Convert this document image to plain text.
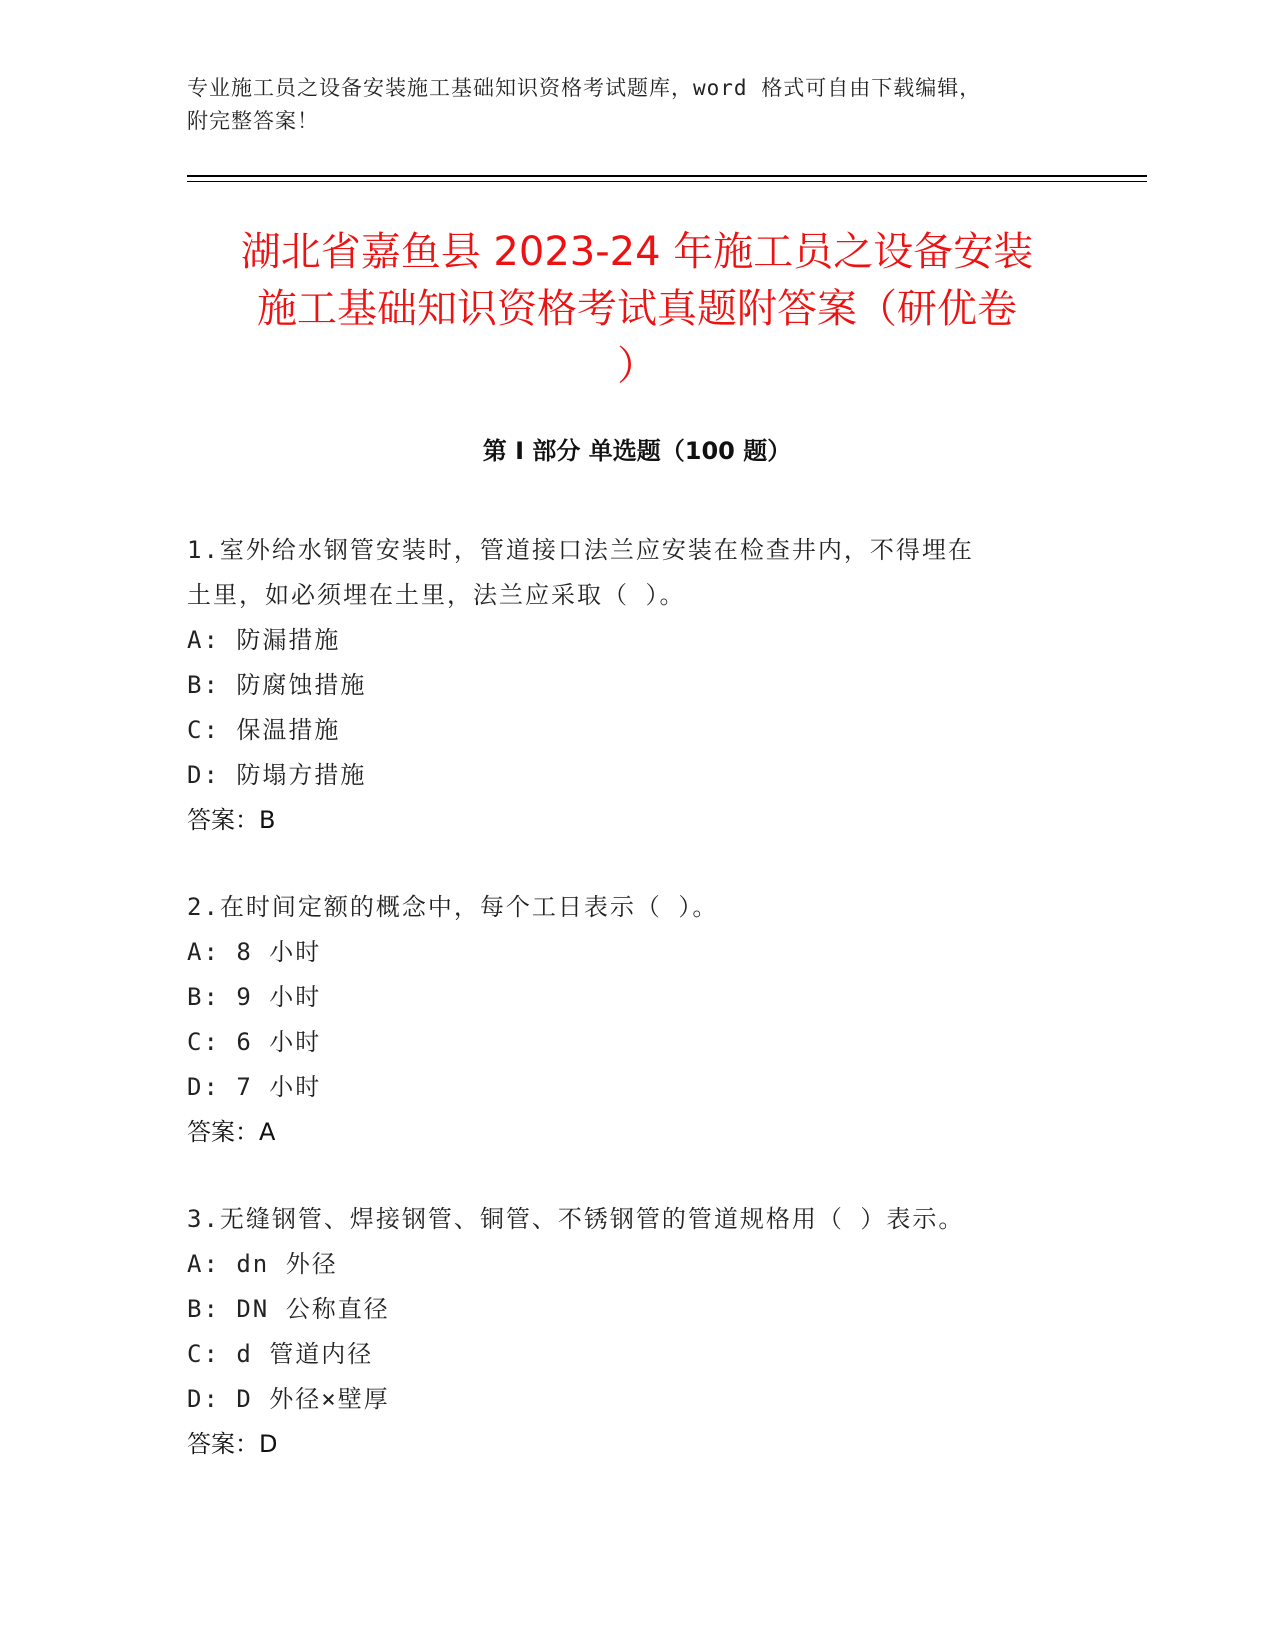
专业施工员之设备安装施工基础知识资格考试题库，word 格式可自由下载编辑，
附完整答案！
湖北省嘉鱼县 2023-24 年施工员之设备安装
施工基础知识资格考试真题附答案（研优卷
）
第 I 部分 单选题（100 题）
1.室外给水钢管安装时，管道接口法兰应安装在检查井内，不得埋在
土里，如必须埋在土里，法兰应采取（ ）。
A: 防漏措施
B: 防腐蚀措施
C: 保温措施
D: 防塌方措施
答案：B
2.在时间定额的概念中，每个工日表示（ ）。
A: 8 小时
B: 9 小时
C: 6 小时
D: 7 小时
答案：A
3.无缝钢管、焊接钢管、铜管、不锈钢管的管道规格用（ ）表示。
A: dn 外径
B: DN 公称直径
C: d 管道内径
D: D 外径×壁厚
答案：D
